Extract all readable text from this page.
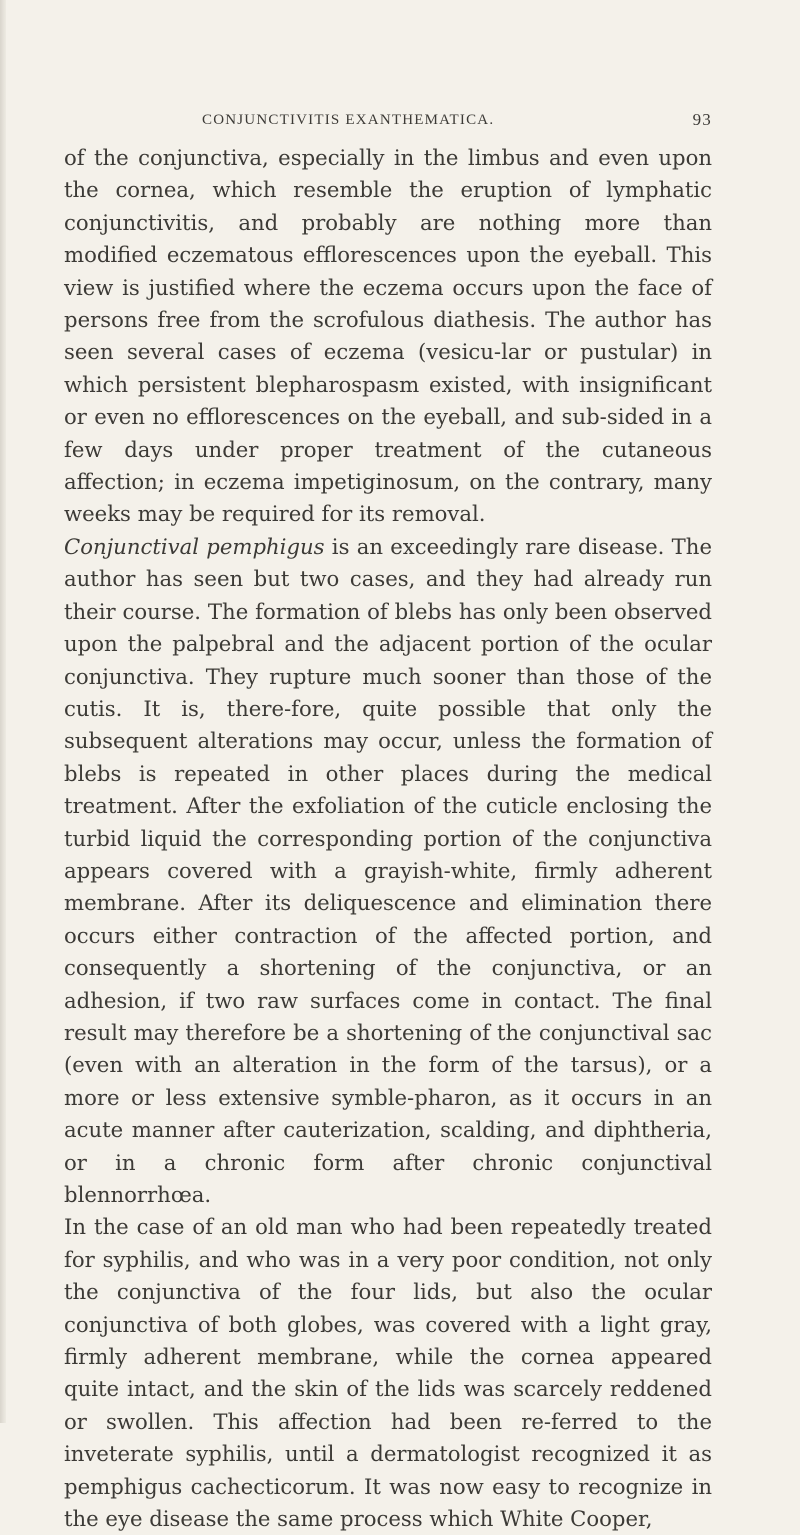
CONJUNCTIVITIS EXANTHEMATICA.	93

of the conjunctiva, especially in the limbus and even upon the cornea, which resemble the eruption of lymphatic conjunctivitis, and probably are nothing more than modified eczematous efflorescences upon the eyeball. This view is justified where the eczema occurs upon the face of persons free from the scrofulous diathesis. The author has seen several cases of eczema (vesicu-lar or pustular) in which persistent blepharospasm existed, with insignificant or even no efflorescences on the eyeball, and sub-sided in a few days under proper treatment of the cutaneous affection; in eczema impetiginosum, on the contrary, many weeks may be required for its removal.

Conjunctival pemphigus is an exceedingly rare disease. The author has seen but two cases, and they had already run their course. The formation of blebs has only been observed upon the palpebral and the adjacent portion of the ocular conjunctiva. They rupture much sooner than those of the cutis. It is, there-fore, quite possible that only the subsequent alterations may occur, unless the formation of blebs is repeated in other places during the medical treatment. After the exfoliation of the cuticle enclosing the turbid liquid the corresponding portion of the conjunctiva appears covered with a grayish-white, firmly adherent membrane. After its deliquescence and elimination there occurs either contraction of the affected portion, and consequently a shortening of the conjunctiva, or an adhesion, if two raw surfaces come in contact. The final result may therefore be a shortening of the conjunctival sac (even with an alteration in the form of the tarsus), or a more or less extensive symble-pharon, as it occurs in an acute manner after cauterization, scalding, and diphtheria, or in a chronic form after chronic conjunctival blennorrhœa.

In the case of an old man who had been repeatedly treated for syphilis, and who was in a very poor condition, not only the conjunctiva of the four lids, but also the ocular conjunctiva of both globes, was covered with a light gray, firmly adherent membrane, while the cornea appeared quite intact, and the skin of the lids was scarcely reddened or swollen. This affection had been re-ferred to the inveterate syphilis, until a dermatologist recognized it as pemphigus cachecticorum. It was now easy to recognize in the eye disease the same process which White Cooper,
